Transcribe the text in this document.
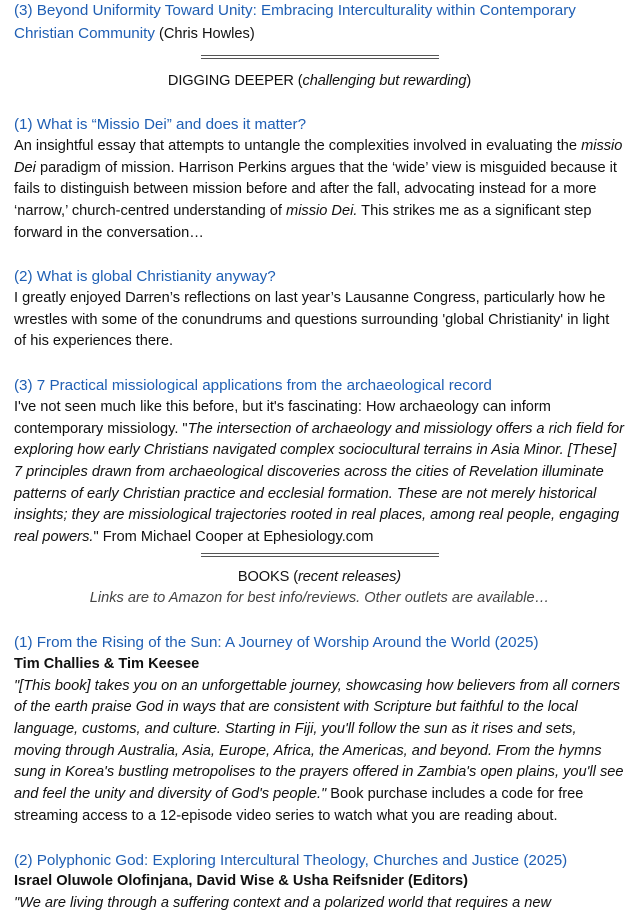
(3) Beyond Uniformity Toward Unity: Embracing Interculturality within Contemporary Christian Community (Chris Howles)
DIGGING DEEPER (challenging but rewarding)
(1) What is “Missio Dei” and does it matter?

An insightful essay that attempts to untangle the complexities involved in evaluating the missio Dei paradigm of mission. Harrison Perkins argues that the ‘wide’ view is misguided because it fails to distinguish between mission before and after the fall, advocating instead for a more ‘narrow,’ church-centred understanding of missio Dei. This strikes me as a significant step forward in the conversation…

(2) What is global Christianity anyway?

I greatly enjoyed Darren’s reflections on last year’s Lausanne Congress, particularly how he wrestles with some of the conundrums and questions surrounding 'global Christianity' in light of his experiences there.

(3) 7 Practical missiological applications from the archaeological record

I've not seen much like this before, but it's fascinating: How archaeology can inform contemporary missiology. "The intersection of archaeology and missiology offers a rich field for exploring how early Christians navigated complex sociocultural terrains in Asia Minor. [These] 7 principles drawn from archaeological discoveries across the cities of Revelation illuminate patterns of early Christian practice and ecclesial formation. These are not merely historical insights; they are missiological trajectories rooted in real places, among real people, engaging real powers." From Michael Cooper at Ephesiology.com

BOOKS (recent releases)
Links are to Amazon for best info/reviews. Other outlets are available…
(1) From the Rising of the Sun: A Journey of Worship Around the World (2025)
Tim Challies & Tim Keesee

"[This book] takes you on an unforgettable journey, showcasing how believers from all corners of the earth praise God in ways that are consistent with Scripture but faithful to the local language, customs, and culture. Starting in Fiji, you'll follow the sun as it rises and sets, moving through Australia, Asia, Europe, Africa, the Americas, and beyond. From the hymns sung in Korea's bustling metropolises to the prayers offered in Zambia's open plains, you'll see and feel the unity and diversity of God's people." Book purchase includes a code for free streaming access to a 12-episode video series to watch what you are reading about.

(2) Polyphonic God: Exploring Intercultural Theology, Churches and Justice (2025)
Israel Oluwole Olofinjana, David Wise & Usha Reifsnider (Editors)

"We are living through a suffering context and a polarized world that requires a new
